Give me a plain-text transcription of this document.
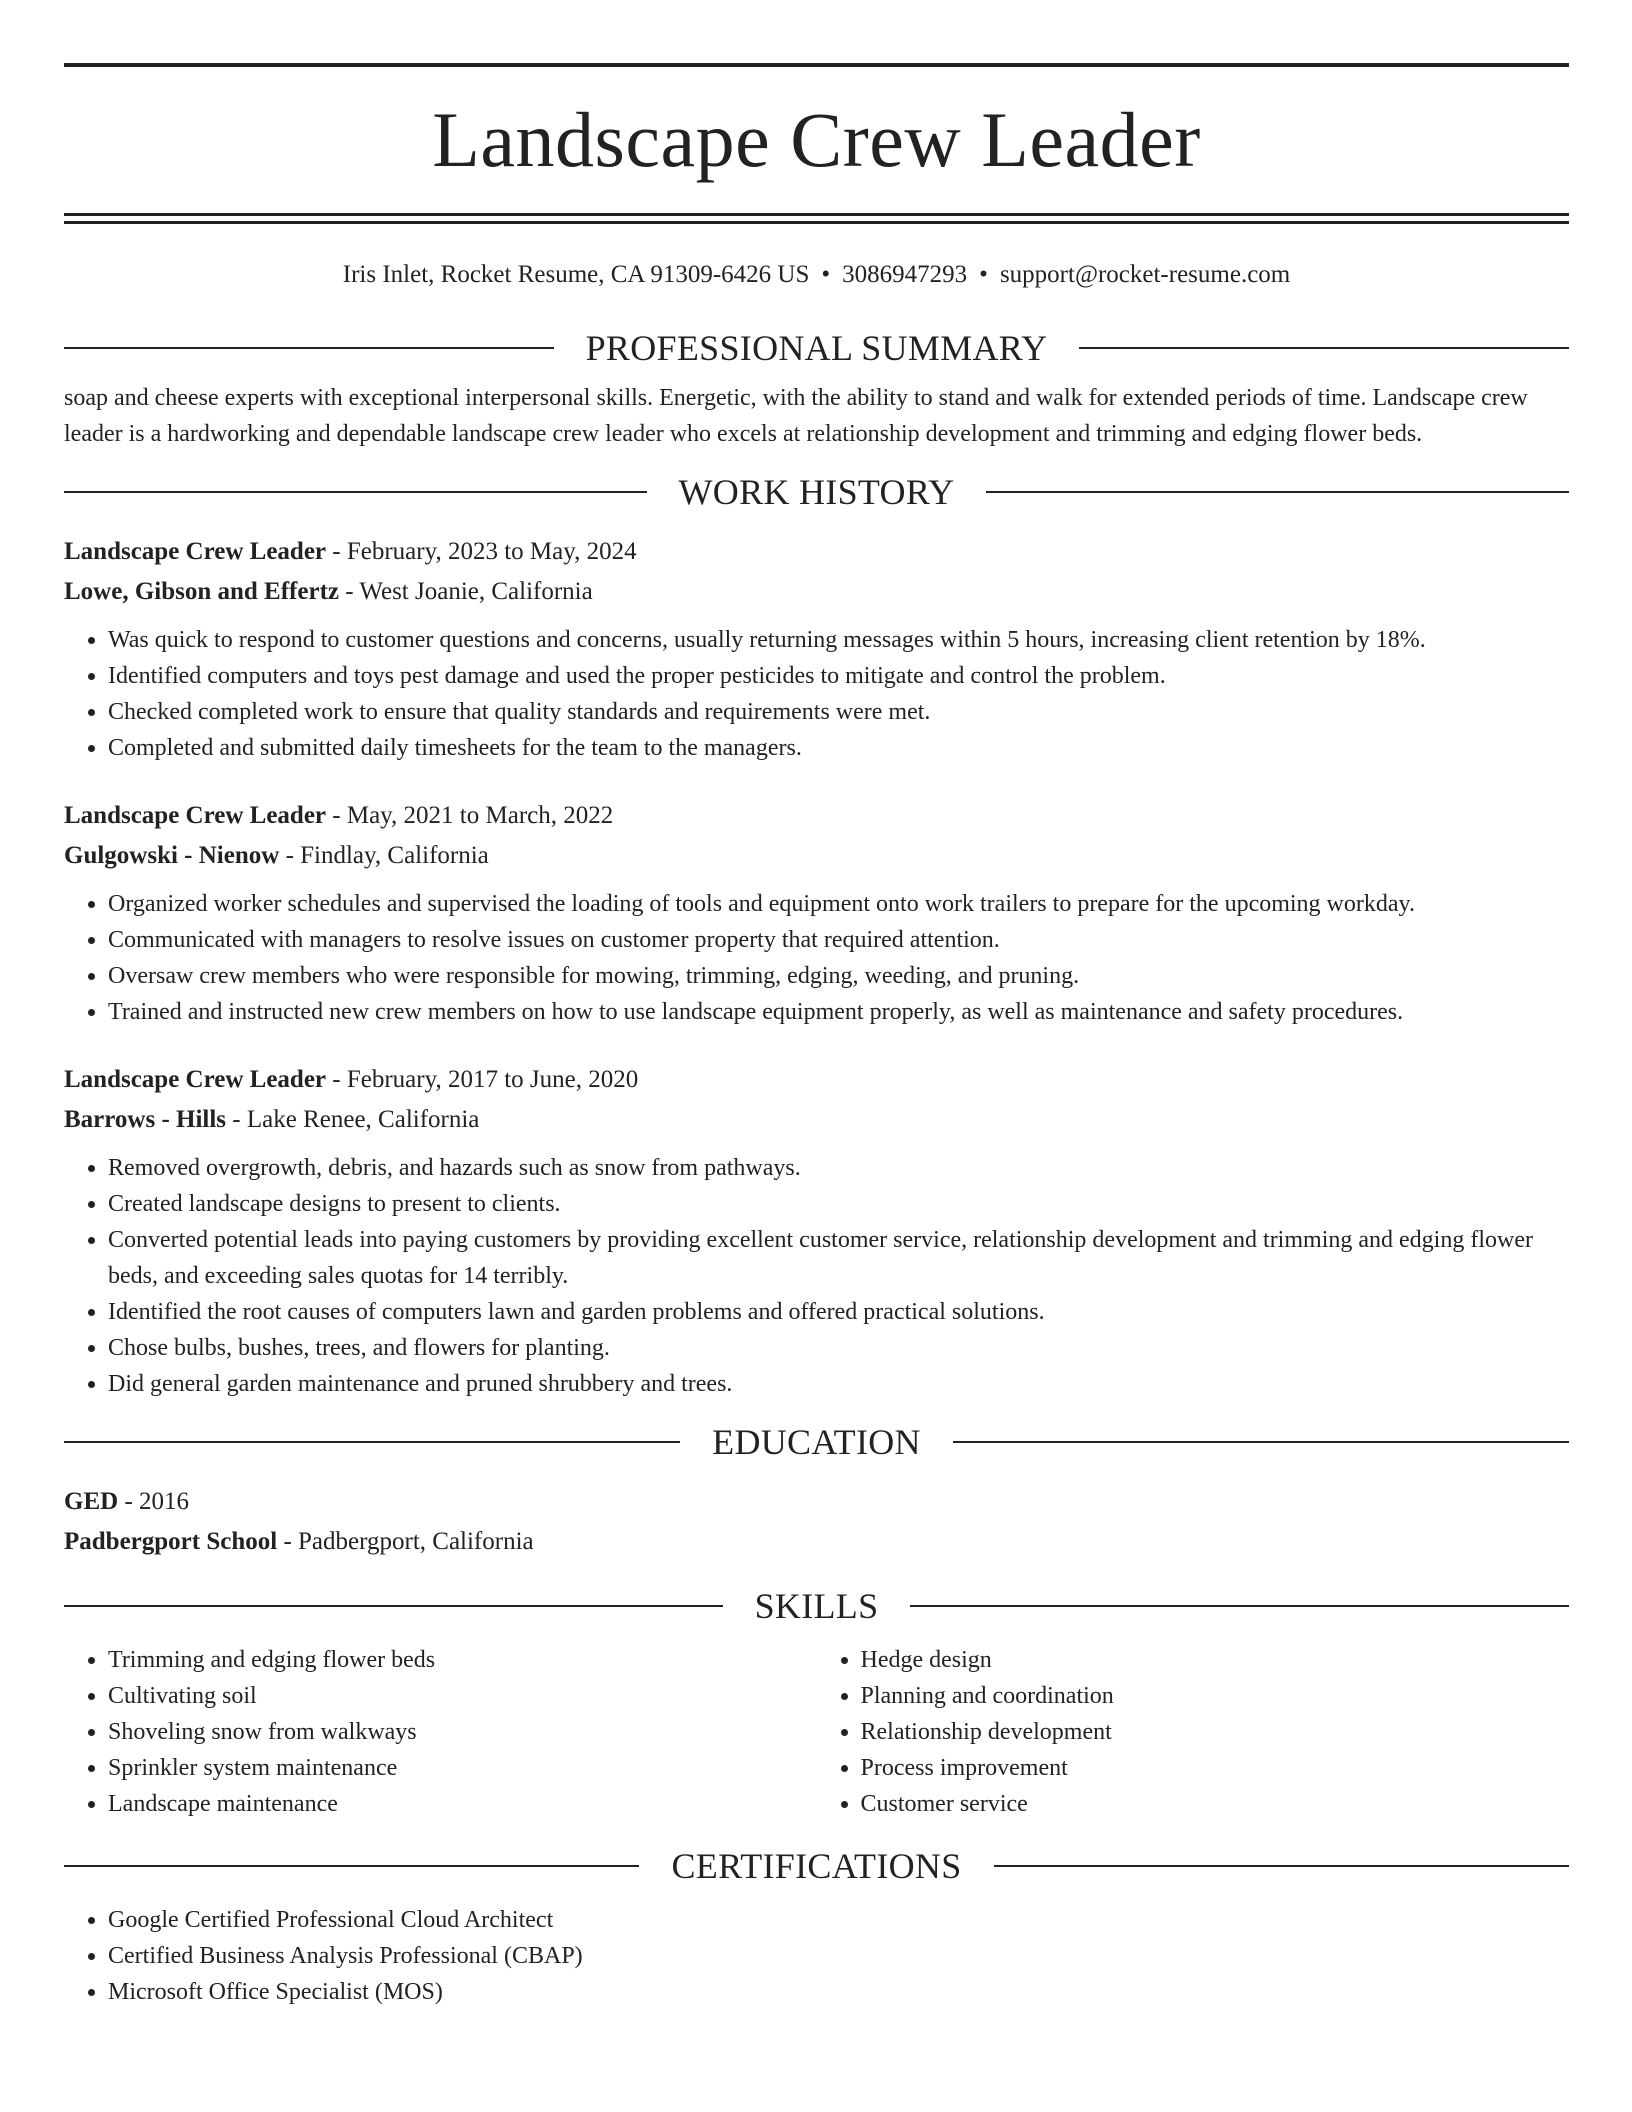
Landscape Crew Leader
Iris Inlet, Rocket Resume, CA 91309-6426 US • 3086947293 • support@rocket-resume.com
PROFESSIONAL SUMMARY
soap and cheese experts with exceptional interpersonal skills. Energetic, with the ability to stand and walk for extended periods of time. Landscape crew leader is a hardworking and dependable landscape crew leader who excels at relationship development and trimming and edging flower beds.
WORK HISTORY
Landscape Crew Leader - February, 2023 to May, 2024
Lowe, Gibson and Effertz - West Joanie, California
• Was quick to respond to customer questions and concerns, usually returning messages within 5 hours, increasing client retention by 18%.
• Identified computers and toys pest damage and used the proper pesticides to mitigate and control the problem.
• Checked completed work to ensure that quality standards and requirements were met.
• Completed and submitted daily timesheets for the team to the managers.
Landscape Crew Leader - May, 2021 to March, 2022
Gulgowski - Nienow - Findlay, California
• Organized worker schedules and supervised the loading of tools and equipment onto work trailers to prepare for the upcoming workday.
• Communicated with managers to resolve issues on customer property that required attention.
• Oversaw crew members who were responsible for mowing, trimming, edging, weeding, and pruning.
• Trained and instructed new crew members on how to use landscape equipment properly, as well as maintenance and safety procedures.
Landscape Crew Leader - February, 2017 to June, 2020
Barrows - Hills - Lake Renee, California
• Removed overgrowth, debris, and hazards such as snow from pathways.
• Created landscape designs to present to clients.
• Converted potential leads into paying customers by providing excellent customer service, relationship development and trimming and edging flower beds, and exceeding sales quotas for 14 terribly.
• Identified the root causes of computers lawn and garden problems and offered practical solutions.
• Chose bulbs, bushes, trees, and flowers for planting.
• Did general garden maintenance and pruned shrubbery and trees.
EDUCATION
GED - 2016
Padbergport School - Padbergport, California
SKILLS
• Trimming and edging flower beds
• Cultivating soil
• Shoveling snow from walkways
• Sprinkler system maintenance
• Landscape maintenance
• Hedge design
• Planning and coordination
• Relationship development
• Process improvement
• Customer service
CERTIFICATIONS
• Google Certified Professional Cloud Architect
• Certified Business Analysis Professional (CBAP)
• Microsoft Office Specialist (MOS)
